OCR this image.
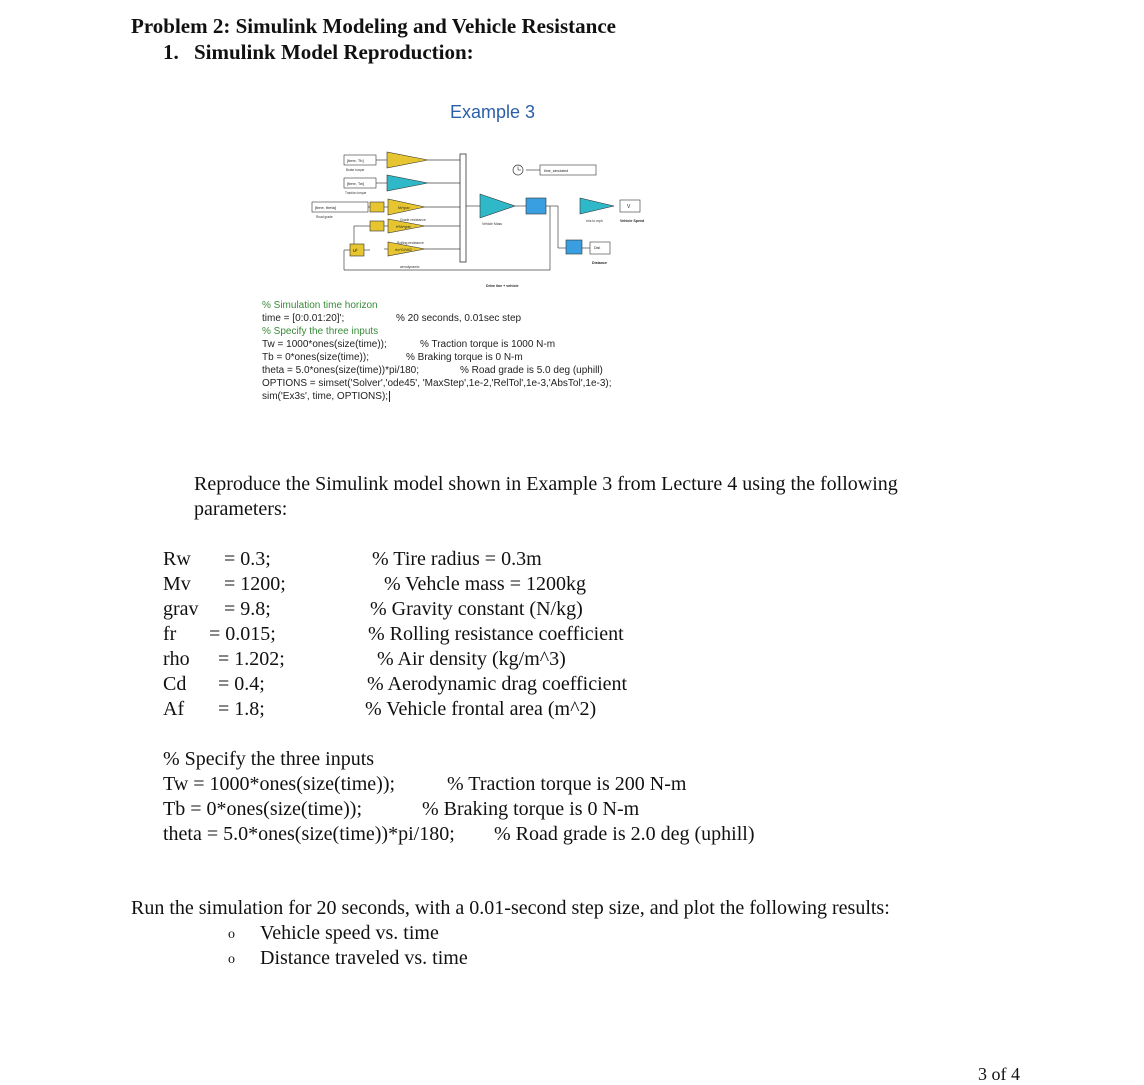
Problem 2: Simulink Modeling and Vehicle Resistance
1. Simulink Model Reproduction:
Example 3
[time, Tb]
Brake torque
[time, Tw]
Traction torque
[time, theta]
Road grade
Mv*grav
Grade resistance
fr*Mv*grav
Rolling resistance
rho*Cd*Af/2
aerodynamic
u²
Vehicle Mass
Drive line + vehicle
time_simulated
m/s to mph
V
Vehicle Speed
Dist
Distance
% Simulation time horizon
time = [0:0.01:20]';	% 20 seconds, 0.01sec step
% Specify the three inputs
Tw = 1000*ones(size(time));	% Traction torque is 1000 N-m
Tb = 0*ones(size(time));	% Braking torque is 0 N-m
theta = 5.0*ones(size(time))*pi/180;	% Road grade is 5.0 deg (uphill)
OPTIONS = simset('Solver','ode45', 'MaxStep',1e-2,'RelTol',1e-3,'AbsTol',1e-3);
sim('Ex3s', time, OPTIONS);
Reproduce the Simulink model shown in Example 3 from Lecture 4 using the following
parameters:
Rw = 0.3;	% Tire radius = 0.3m
Mv = 1200;	% Vehcle mass = 1200kg
grav = 9.8;	% Gravity constant (N/kg)
fr = 0.015;	% Rolling resistance coefficient
rho = 1.202;	% Air density (kg/m^3)
Cd = 0.4;	% Aerodynamic drag coefficient
Af = 1.8;	% Vehicle frontal area (m^2)
% Specify the three inputs
Tw = 1000*ones(size(time));	% Traction torque is 200 N-m
Tb = 0*ones(size(time));	% Braking torque is 0 N-m
theta = 5.0*ones(size(time))*pi/180; % Road grade is 2.0 deg (uphill)
Run the simulation for 20 seconds, with a 0.01-second step size, and plot the following results:
o Vehicle speed vs. time
o Distance traveled vs. time
3 of 4
